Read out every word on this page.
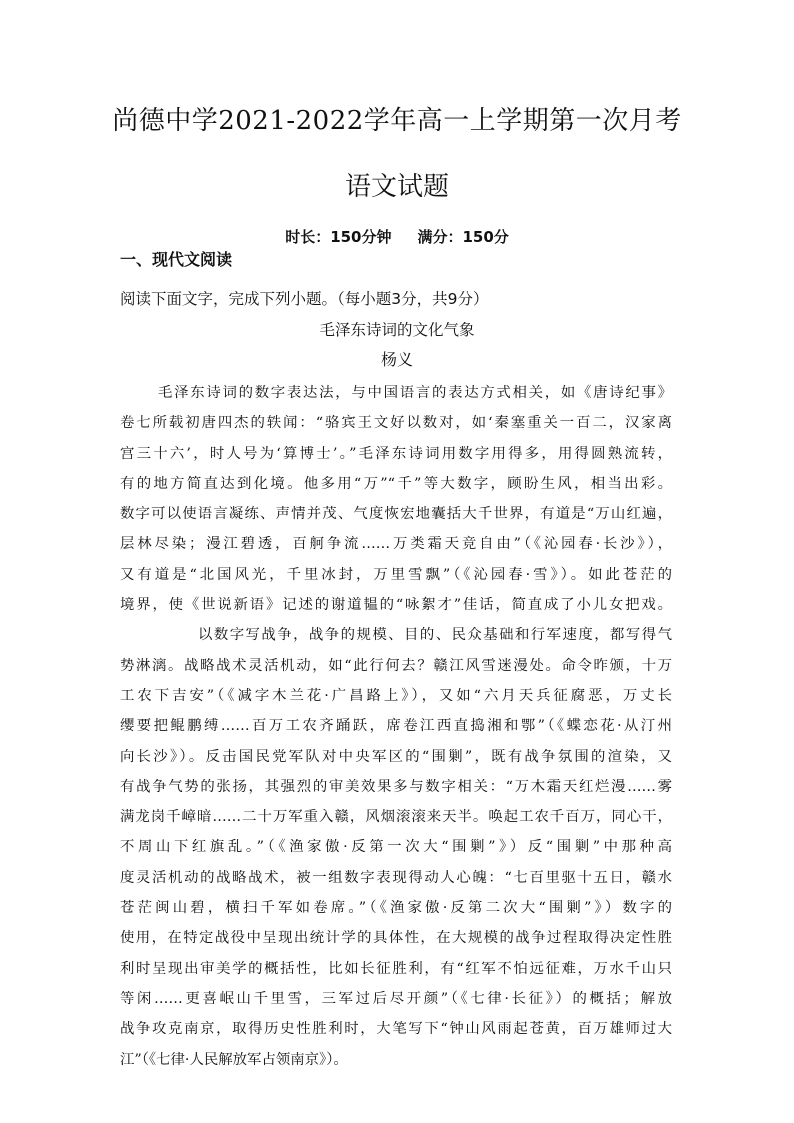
尚德中学2021-2022学年高一上学期第一次月考
语文试题
时长：150分钟 满分：150分
一、现代文阅读
阅读下面文字，完成下列小题。（每小题3分，共9分）
毛泽东诗词的文化气象
杨义
毛泽东诗词的数字表达法，与中国语言的表达方式相关，如《唐诗纪事》
卷七所载初唐四杰的轶闻：“骆宾王文好以数对，如‘秦塞重关一百二，汉家离
宫三十六’，时人号为‘算博士’。”毛泽东诗词用数字用得多，用得圆熟流转，
有的地方简直达到化境。他多用“万”“千”等大数字，顾盼生风，相当出彩。
数字可以使语言凝练、声情并茂、气度恢宏地囊括大千世界，有道是“万山红遍，
层林尽染；漫江碧透，百舸争流……万类霜天竞自由”（《沁园春·长沙》），
又有道是“北国风光，千里冰封，万里雪飘”（《沁园春·雪》）。如此苍茫的
境界，使《世说新语》记述的谢道韫的“咏絮才”佳话，简直成了小儿女把戏。
以数字写战争，战争的规模、目的、民众基础和行军速度，都写得气
势淋漓。战略战术灵活机动，如“此行何去？赣江风雪迷漫处。命令昨颁，十万
工农下吉安”（《减字木兰花·广昌路上》），又如“六月天兵征腐恶，万丈长
缨要把鲲鹏缚……百万工农齐踊跃，席卷江西直捣湘和鄂”（《蝶恋花·从汀州
向长沙》）。反击国民党军队对中央军区的“围剿”，既有战争氛围的渲染，又
有战争气势的张扬，其强烈的审美效果多与数字相关：“万木霜天红烂漫……雾
满龙岗千嶂暗……二十万军重入赣，风烟滚滚来天半。唤起工农千百万，同心干，
不周山下红旗乱。”（《渔家傲·反第一次大“围剿”》）反“围剿”中那种高
度灵活机动的战略战术，被一组数字表现得动人心魄：“七百里驱十五日，赣水
苍茫闽山碧，横扫千军如卷席。”（《渔家傲·反第二次大“围剿”》）数字的
使用，在特定战役中呈现出统计学的具体性，在大规模的战争过程取得决定性胜
利时呈现出审美学的概括性，比如长征胜利，有“红军不怕远征难，万水千山只
等闲……更喜岷山千里雪，三军过后尽开颜”（《七律·长征》）的概括；解放
战争攻克南京，取得历史性胜利时，大笔写下“钟山风雨起苍黄，百万雄师过大
江”（《七律·人民解放军占领南京》）。
